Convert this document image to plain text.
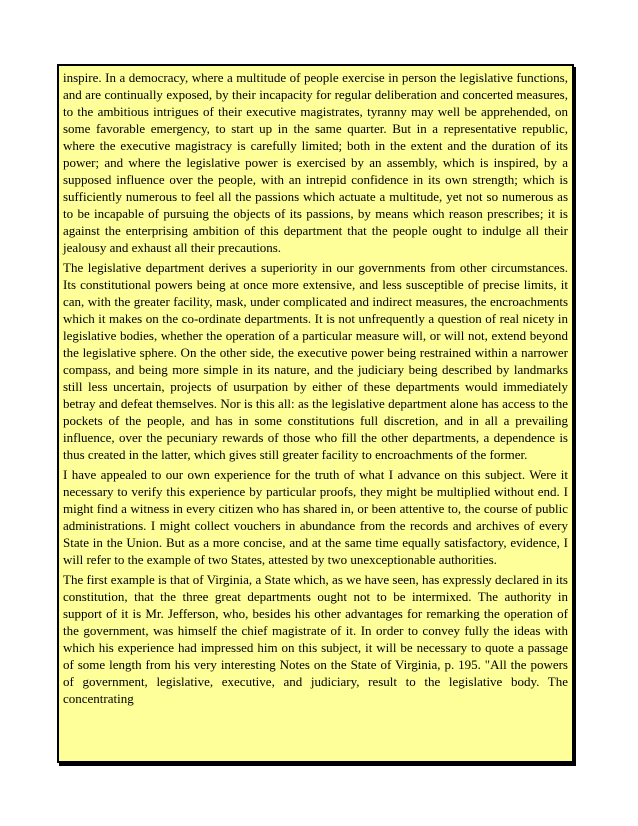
inspire. In a democracy, where a multitude of people exercise in person the legislative functions, and are continually exposed, by their incapacity for regular deliberation and concerted measures, to the ambitious intrigues of their executive magistrates, tyranny may well be apprehended, on some favorable emergency, to start up in the same quarter. But in a representative republic, where the executive magistracy is carefully limited; both in the extent and the duration of its power; and where the legislative power is exercised by an assembly, which is inspired, by a supposed influence over the people, with an intrepid confidence in its own strength; which is sufficiently numerous to feel all the passions which actuate a multitude, yet not so numerous as to be incapable of pursuing the objects of its passions, by means which reason prescribes; it is against the enterprising ambition of this department that the people ought to indulge all their jealousy and exhaust all their precautions.

The legislative department derives a superiority in our governments from other circumstances. Its constitutional powers being at once more extensive, and less susceptible of precise limits, it can, with the greater facility, mask, under complicated and indirect measures, the encroachments which it makes on the co-ordinate departments. It is not unfrequently a question of real nicety in legislative bodies, whether the operation of a particular measure will, or will not, extend beyond the legislative sphere. On the other side, the executive power being restrained within a narrower compass, and being more simple in its nature, and the judiciary being described by landmarks still less uncertain, projects of usurpation by either of these departments would immediately betray and defeat themselves. Nor is this all: as the legislative department alone has access to the pockets of the people, and has in some constitutions full discretion, and in all a prevailing influence, over the pecuniary rewards of those who fill the other departments, a dependence is thus created in the latter, which gives still greater facility to encroachments of the former.

I have appealed to our own experience for the truth of what I advance on this subject. Were it necessary to verify this experience by particular proofs, they might be multiplied without end. I might find a witness in every citizen who has shared in, or been attentive to, the course of public administrations. I might collect vouchers in abundance from the records and archives of every State in the Union. But as a more concise, and at the same time equally satisfactory, evidence, I will refer to the example of two States, attested by two unexceptionable authorities.

The first example is that of Virginia, a State which, as we have seen, has expressly declared in its constitution, that the three great departments ought not to be intermixed. The authority in support of it is Mr. Jefferson, who, besides his other advantages for remarking the operation of the government, was himself the chief magistrate of it. In order to convey fully the ideas with which his experience had impressed him on this subject, it will be necessary to quote a passage of some length from his very interesting Notes on the State of Virginia, p. 195. "All the powers of government, legislative, executive, and judiciary, result to the legislative body. The concentrating
